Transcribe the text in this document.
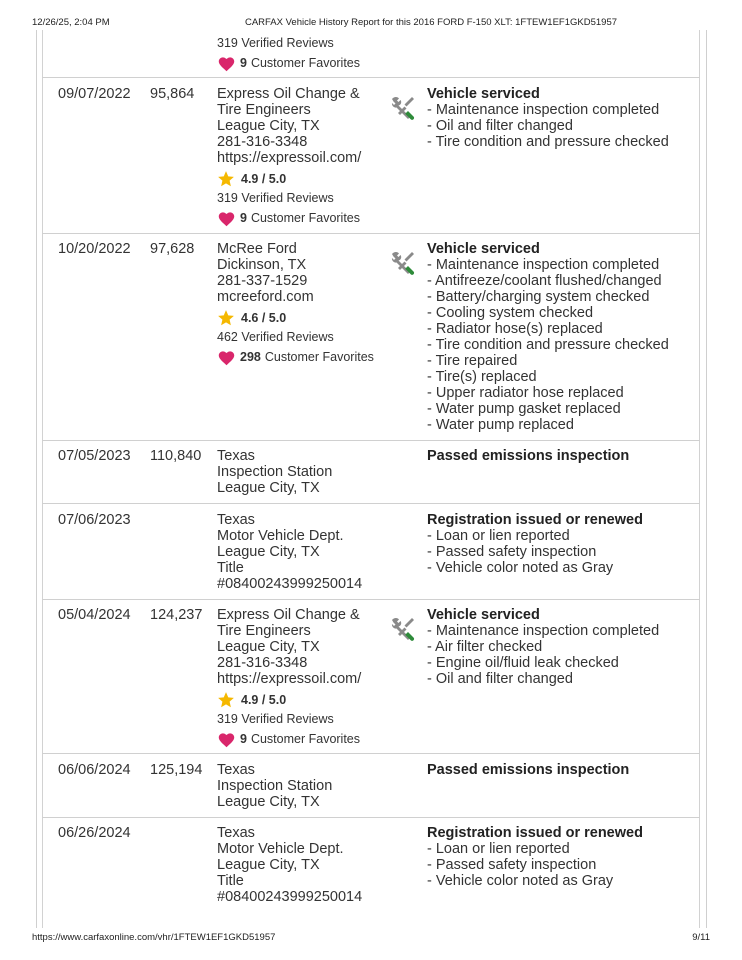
12/26/25, 2:04 PM	CARFAX Vehicle History Report for this 2016 FORD F-150 XLT: 1FTEW1EF1GKD51957
319 Verified Reviews
9 Customer Favorites
09/07/2022 95,864 Express Oil Change &
Tire Engineers
League City, TX
281-316-3348
https://expressoil.com/
4.9 / 5.0
319 Verified Reviews
9 Customer Favorites
Vehicle serviced
- Maintenance inspection completed
- Oil and filter changed
- Tire condition and pressure checked
10/20/2022 97,628 McRee Ford
Dickinson, TX
281-337-1529
mcreeford.com
4.6 / 5.0
462 Verified Reviews
298 Customer Favorites
Vehicle serviced
- Maintenance inspection completed
- Antifreeze/coolant flushed/changed
- Battery/charging system checked
- Cooling system checked
- Radiator hose(s) replaced
- Tire condition and pressure checked
- Tire repaired
- Tire(s) replaced
- Upper radiator hose replaced
- Water pump gasket replaced
- Water pump replaced
07/05/2023 110,840 Texas
Inspection Station
League City, TX
Passed emissions inspection
07/06/2023	Texas
Motor Vehicle Dept.
League City, TX
Title
#08400243999250014
Registration issued or renewed
- Loan or lien reported
- Passed safety inspection
- Vehicle color noted as Gray
05/04/2024 124,237 Express Oil Change &
Tire Engineers
League City, TX
281-316-3348
https://expressoil.com/
4.9 / 5.0
319 Verified Reviews
9 Customer Favorites
Vehicle serviced
- Maintenance inspection completed
- Air filter checked
- Engine oil/fluid leak checked
- Oil and filter changed
06/06/2024 125,194 Texas
Inspection Station
League City, TX
Passed emissions inspection
06/26/2024	Texas
Motor Vehicle Dept.
League City, TX
Title
#08400243999250014
Registration issued or renewed
- Loan or lien reported
- Passed safety inspection
- Vehicle color noted as Gray
https://www.carfaxonline.com/vhr/1FTEW1EF1GKD51957	9/11
